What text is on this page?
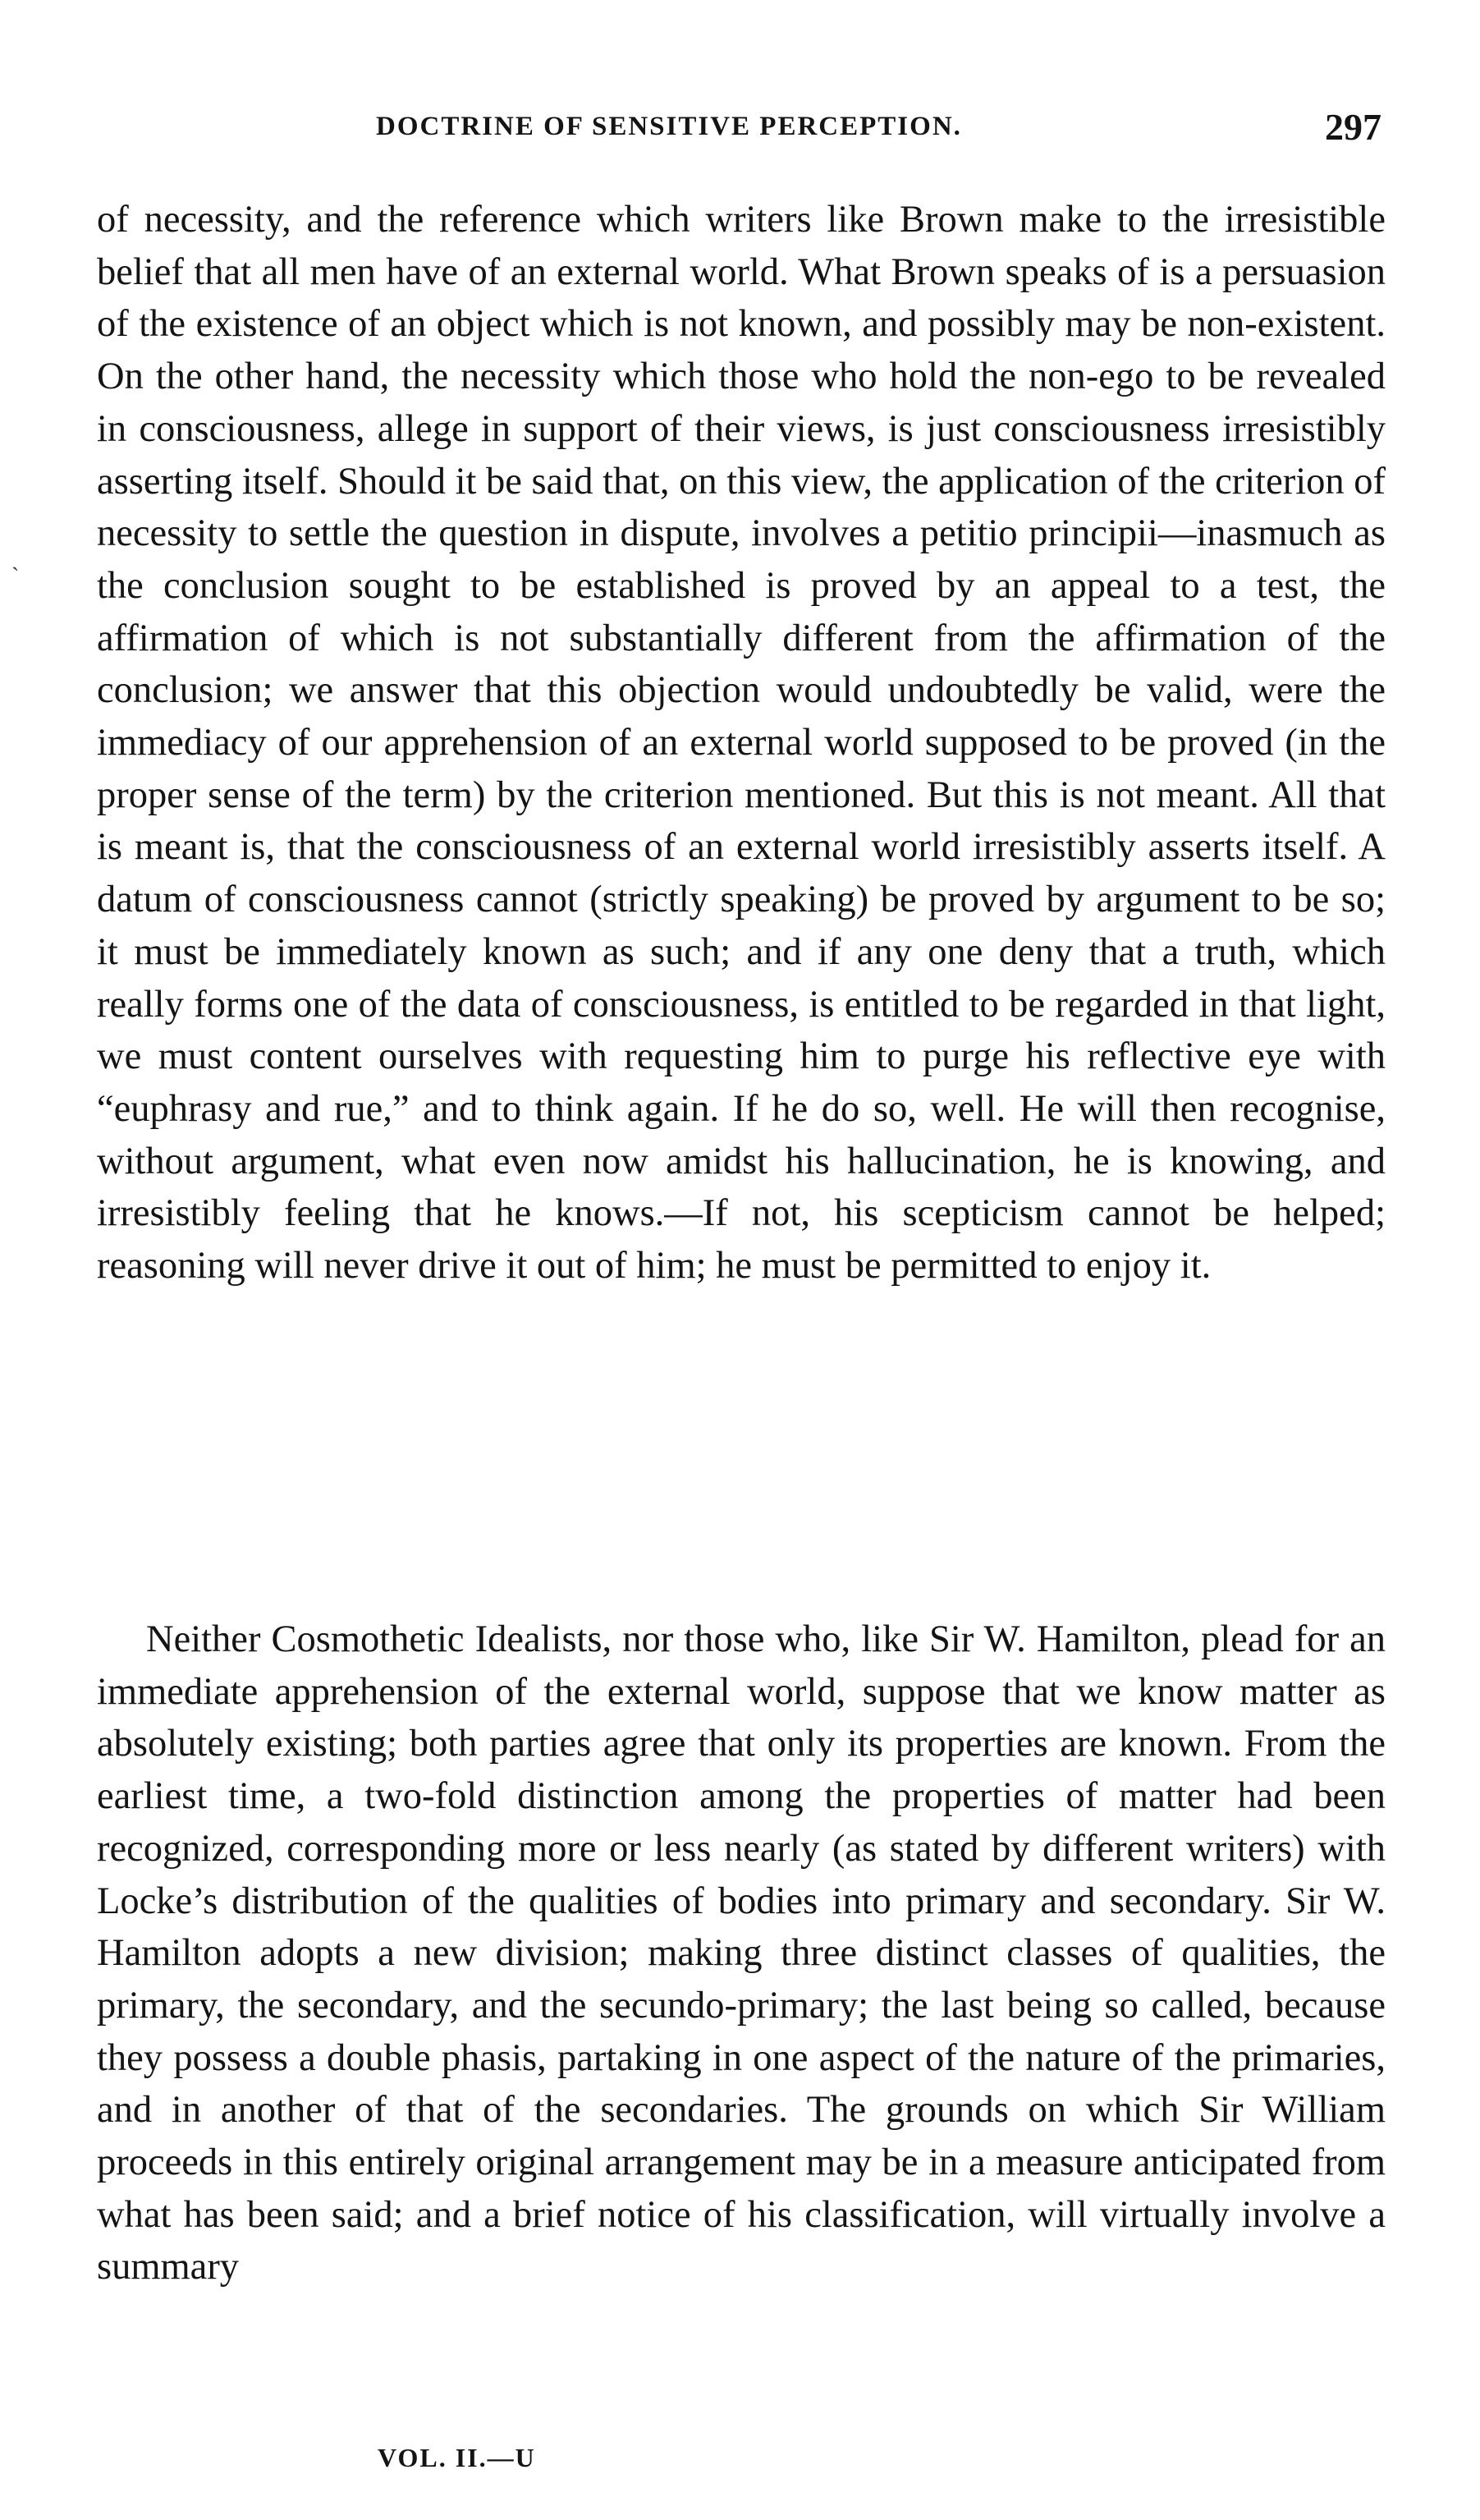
DOCTRINE OF SENSITIVE PERCEPTION.	297
ˎ

of necessity, and the reference which writers like Brown make to the irresistible belief that all men have of an external world. What Brown speaks of is a persuasion of the existence of an object which is not known, and possibly may be non-existent. On the other hand, the necessity which those who hold the non-ego to be revealed in consciousness, allege in support of their views, is just consciousness irresistibly asserting itself. Should it be said that, on this view, the application of the criterion of necessity to settle the question in dispute, involves a petitio principii—inasmuch as the conclusion sought to be established is proved by an appeal to a test, the affirmation of which is not substantially different from the affirmation of the conclusion; we answer that this objection would undoubtedly be valid, were the immediacy of our apprehension of an external world supposed to be proved (in the proper sense of the term) by the criterion mentioned. But this is not meant. All that is meant is, that the consciousness of an external world irresistibly asserts itself. A datum of consciousness cannot (strictly speaking) be proved by argument to be so; it must be immediately known as such; and if any one deny that a truth, which really forms one of the data of consciousness, is entitled to be regarded in that light, we must content ourselves with requesting him to purge his reflective eye with “euphrasy and rue,” and to think again. If he do so, well. He will then recognise, without argument, what even now amidst his hallucination, he is knowing, and irresistibly feeling that he knows.—If not, his scepticism cannot be helped; reasoning will never drive it out of him; he must be permitted to enjoy it.

Neither Cosmothetic Idealists, nor those who, like Sir W. Hamilton, plead for an immediate apprehension of the external world, suppose that we know matter as absolutely existing; both parties agree that only its properties are known. From the earliest time, a two-fold distinction among the properties of matter had been recognized, corresponding more or less nearly (as stated by different writers) with Locke’s distribution of the qualities of bodies into primary and secondary. Sir W. Hamilton adopts a new division; making three distinct classes of qualities, the primary, the secondary, and the secundo-primary; the last being so called, because they possess a double phasis, partaking in one aspect of the nature of the primaries, and in another of that of the secondaries. The grounds on which Sir William proceeds in this entirely original arrangement may be in a measure anticipated from what has been said; and a brief notice of his classification, will virtually involve a summary

VOL. II.—U
